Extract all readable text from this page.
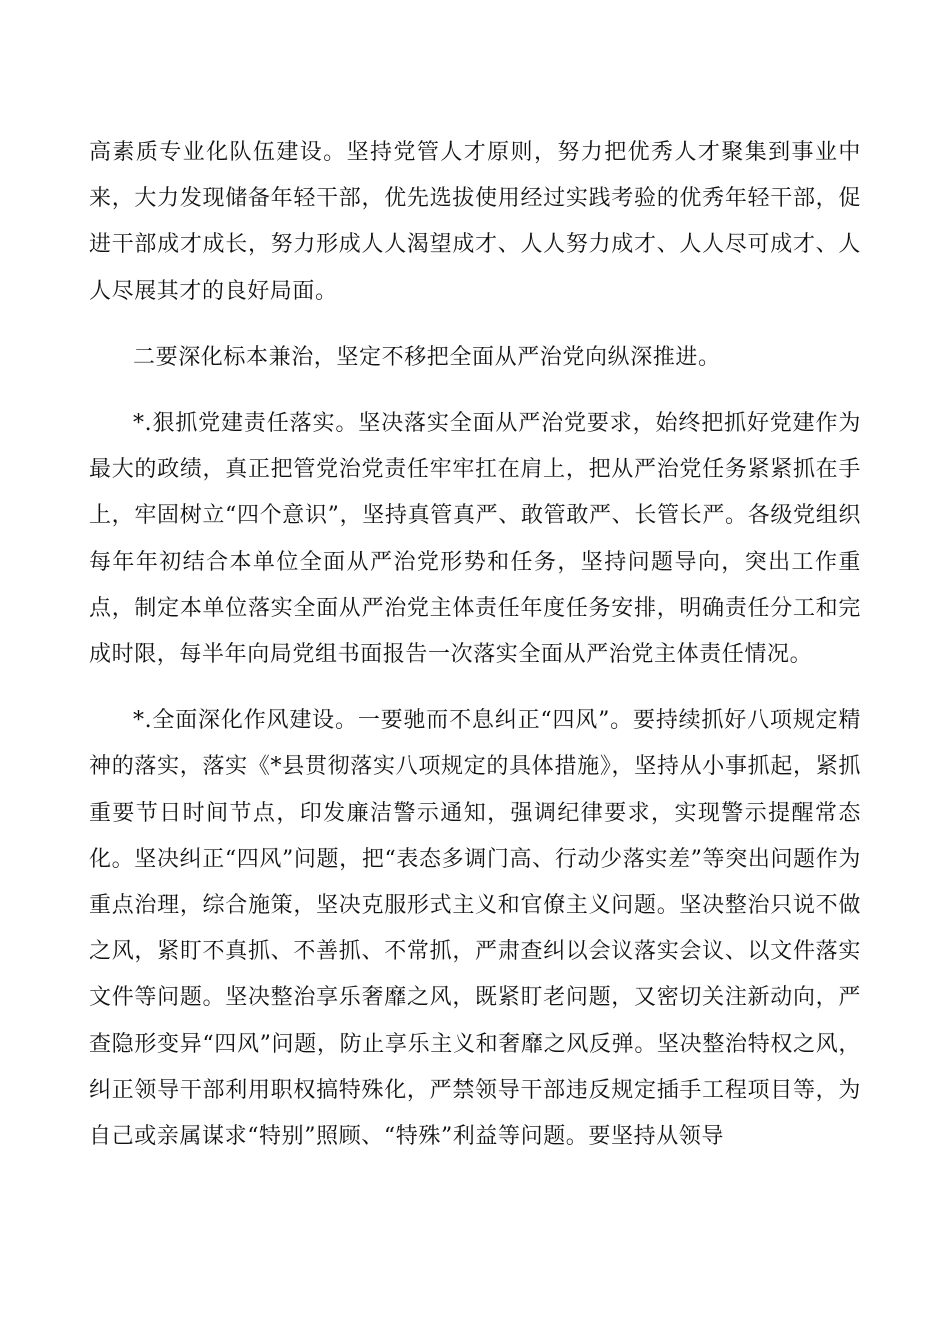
高素质专业化队伍建设。坚持党管人才原则，努力把优秀人才聚集到事业中来，大力发现储备年轻干部，优先选拔使用经过实践考验的优秀年轻干部，促进干部成才成长，努力形成人人渴望成才、人人努力成才、人人尽可成才、人人尽展其才的良好局面。

二要深化标本兼治，坚定不移把全面从严治党向纵深推进。

*.狠抓党建责任落实。坚决落实全面从严治党要求，始终把抓好党建作为最大的政绩，真正把管党治党责任牢牢扛在肩上，把从严治党任务紧紧抓在手上，牢固树立“四个意识”，坚持真管真严、敢管敢严、长管长严。各级党组织每年年初结合本单位全面从严治党形势和任务，坚持问题导向，突出工作重点，制定本单位落实全面从严治党主体责任年度任务安排，明确责任分工和完成时限，每半年向局党组书面报告一次落实全面从严治党主体责任情况。

*.全面深化作风建设。一要驰而不息纠正“四风”。要持续抓好八项规定精神的落实，落实《*县贯彻落实八项规定的具体措施》，坚持从小事抓起，紧抓重要节日时间节点，印发廉洁警示通知，强调纪律要求，实现警示提醒常态化。坚决纠正“四风”问题，把“表态多调门高、行动少落实差”等突出问题作为重点治理，综合施策，坚决克服形式主义和官僚主义问题。坚决整治只说不做之风，紧盯不真抓、不善抓、不常抓，严肃查纠以会议落实会议、以文件落实文件等问题。坚决整治享乐奢靡之风，既紧盯老问题，又密切关注新动向，严查隐形变异“四风”问题，防止享乐主义和奢靡之风反弹。坚决整治特权之风，纠正领导干部利用职权搞特殊化，严禁领导干部违反规定插手工程项目等，为自己或亲属谋求“特别”照顾、“特殊”利益等问题。要坚持从领导
